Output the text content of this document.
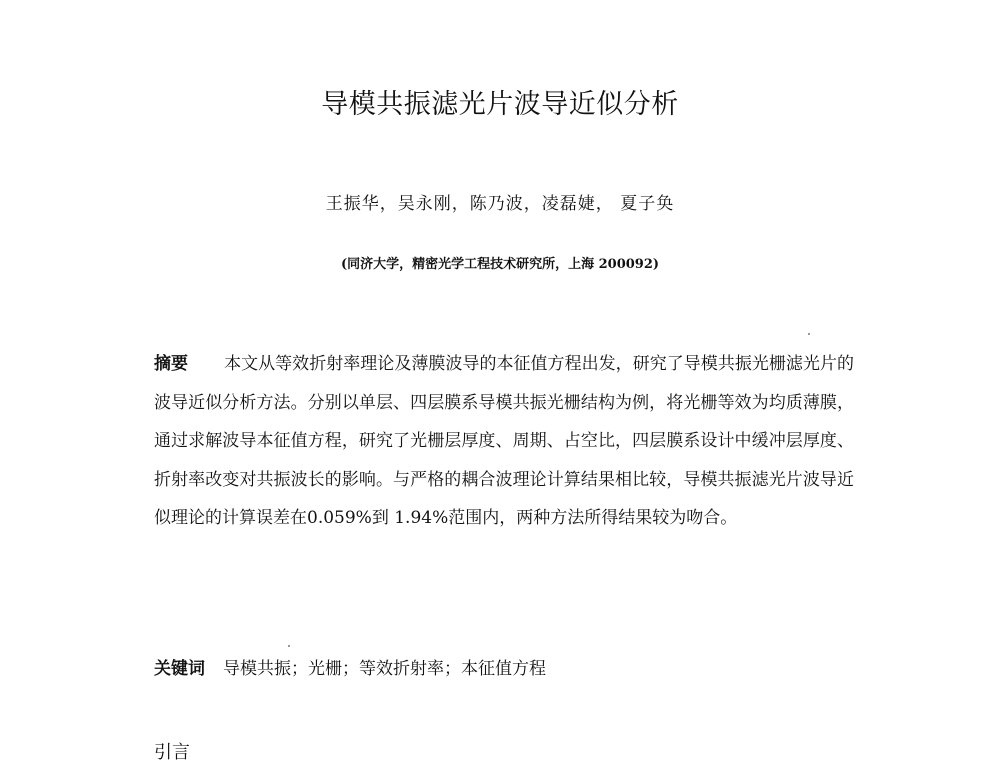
导模共振滤光片波导近似分析
王振华，吴永刚，陈乃波，凌磊婕， 夏子奂
(同济大学，精密光学工程技术研究所，上海 200092)
摘要 本文从等效折射率理论及薄膜波导的本征值方程出发，研究了导模共振光栅滤光片的波导近似分析方法。分别以单层、四层膜系导模共振光栅结构为例，将光栅等效为均质薄膜，通过求解波导本征值方程，研究了光栅层厚度、周期、占空比，四层膜系设计中缓冲层厚度、折射率改变对共振波长的影响。与严格的耦合波理论计算结果相比较，导模共振滤光片波导近似理论的计算误差在0.059%到 1.94%范围内，两种方法所得结果较为吻合。
关键词 导模共振；光栅；等效折射率；本征值方程
引言
